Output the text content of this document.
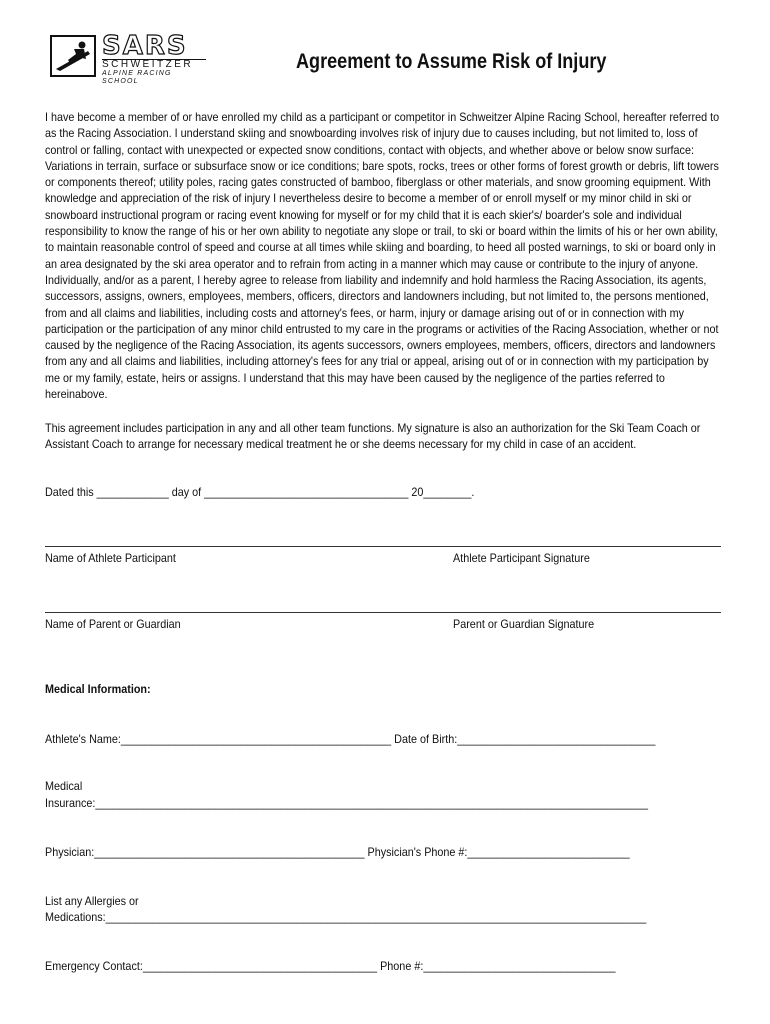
SARS
SCHWEITZER
ALPINE RACING SCHOOL
Agreement to Assume Risk of Injury
I have become a member of or have enrolled my child as a participant or competitor in Schweitzer Alpine Racing School, hereafter referred to as the Racing Association. I understand skiing and snowboarding involves risk of injury due to causes including, but not limited to, loss of control or falling, contact with unexpected or expected snow conditions, contact with objects, and whether above or below snow surface: Variations in terrain, surface or subsurface snow or ice conditions; bare spots, rocks, trees or other forms of forest growth or debris, lift towers or components thereof; utility poles, racing gates constructed of bamboo, fiberglass or other materials, and snow grooming equipment. With knowledge and appreciation of the risk of injury I nevertheless desire to become a member of or enroll myself or my minor child in ski or snowboard instructional program or racing event knowing for myself or for my child that it is each skier's/ boarder's sole and individual responsibility to know the range of his or her own ability to negotiate any slope or trail, to ski or board within the limits of his or her own ability, to maintain reasonable control of speed and course at all times while skiing and boarding, to heed all posted warnings, to ski or board only in an area designated by the ski area operator and to refrain from acting in a manner which may cause or contribute to the injury of anyone. Individually, and/or as a parent, I hereby agree to release from liability and indemnify and hold harmless the Racing Association, its agents, successors, assigns, owners, employees, members, officers, directors and landowners including, but not limited to, the persons mentioned, from and all claims and liabilities, including costs and attorney's fees, or harm, injury or damage arising out of or in connection with my participation or the participation of any minor child entrusted to my care in the programs or activities of the Racing Association, whether or not caused by the negligence of the Racing Association, its agents successors, owners employees, members, officers, directors and landowners from any and all claims and liabilities, including attorney's fees for any trial or appeal, arising out of or in connection with my participation by me or my family, estate, heirs or assigns. I understand that this may have been caused by the negligence of the parties referred to hereinabove.
This agreement includes participation in any and all other team functions. My signature is also an authorization for the Ski Team Coach or Assistant Coach to arrange for necessary medical treatment he or she deems necessary for my child in case of an accident.
Dated this ____________ day of __________________________________ 20________.
Name of Athlete Participant	Athlete Participant Signature
Name of Parent or Guardian	Parent or Guardian Signature
Medical Information:
Athlete's Name:_____________________________________________ Date of Birth:_________________________________
Medical
Insurance:____________________________________________________________________________________________
Physician:_____________________________________________ Physician's Phone #:___________________________
List any Allergies or
Medications:__________________________________________________________________________________________
Emergency Contact:_______________________________________ Phone #:________________________________
